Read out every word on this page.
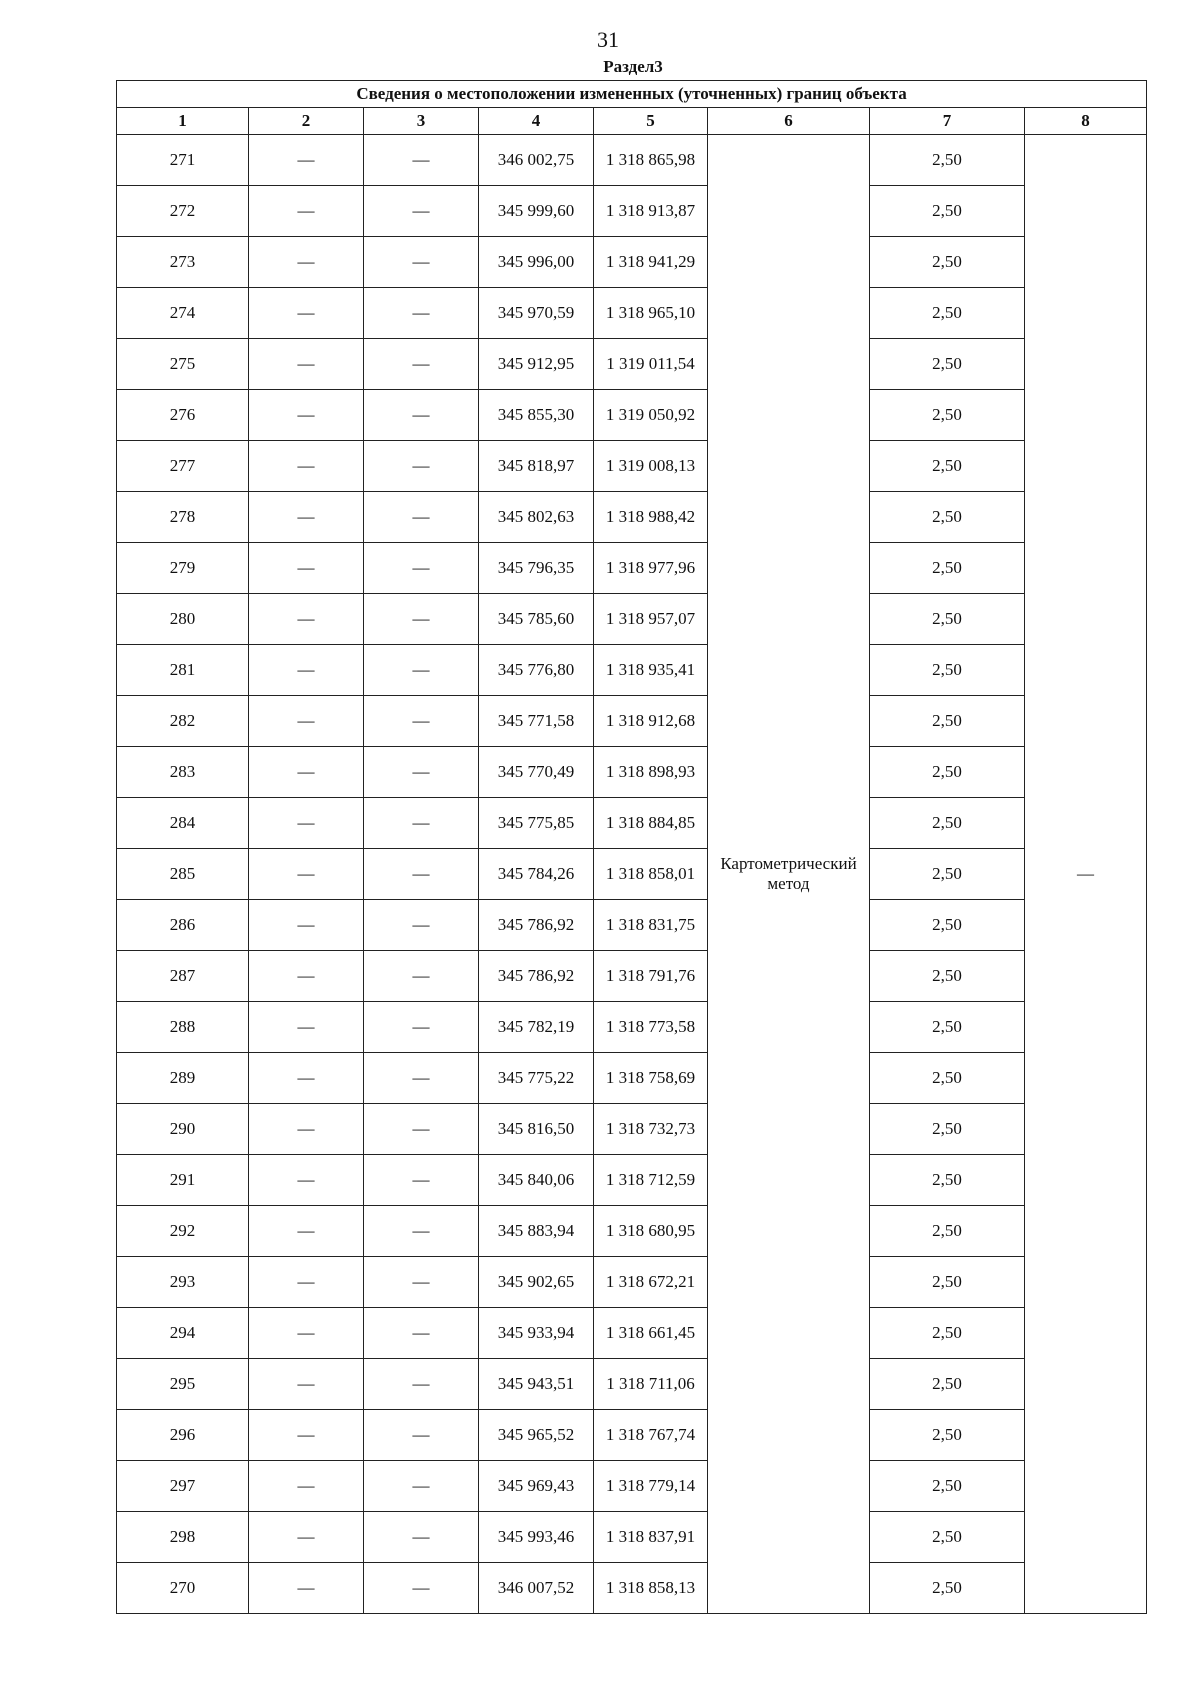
31
Раздел3
Сведения о местоположении измененных (уточненных) границ объекта							
1	2	3	4	5	6	7	8
271	—	—	346 002,75	1 318 865,98	Картометрический метод	2,50	—
272	—	—	345 999,60	1 318 913,87		2,50	
273	—	—	345 996,00	1 318 941,29		2,50	
274	—	—	345 970,59	1 318 965,10		2,50	
275	—	—	345 912,95	1 319 011,54		2,50	
276	—	—	345 855,30	1 319 050,92		2,50	
277	—	—	345 818,97	1 319 008,13		2,50	
278	—	—	345 802,63	1 318 988,42		2,50	
279	—	—	345 796,35	1 318 977,96		2,50	
280	—	—	345 785,60	1 318 957,07		2,50	
281	—	—	345 776,80	1 318 935,41		2,50	
282	—	—	345 771,58	1 318 912,68		2,50	
283	—	—	345 770,49	1 318 898,93		2,50	
284	—	—	345 775,85	1 318 884,85		2,50	
285	—	—	345 784,26	1 318 858,01		2,50	
286	—	—	345 786,92	1 318 831,75		2,50	
287	—	—	345 786,92	1 318 791,76		2,50	
288	—	—	345 782,19	1 318 773,58		2,50	
289	—	—	345 775,22	1 318 758,69		2,50	
290	—	—	345 816,50	1 318 732,73		2,50	
291	—	—	345 840,06	1 318 712,59		2,50	
292	—	—	345 883,94	1 318 680,95		2,50	
293	—	—	345 902,65	1 318 672,21		2,50	
294	—	—	345 933,94	1 318 661,45		2,50	
295	—	—	345 943,51	1 318 711,06		2,50	
296	—	—	345 965,52	1 318 767,74		2,50	
297	—	—	345 969,43	1 318 779,14		2,50	
298	—	—	345 993,46	1 318 837,91		2,50	
270	—	—	346 007,52	1 318 858,13		2,50	
